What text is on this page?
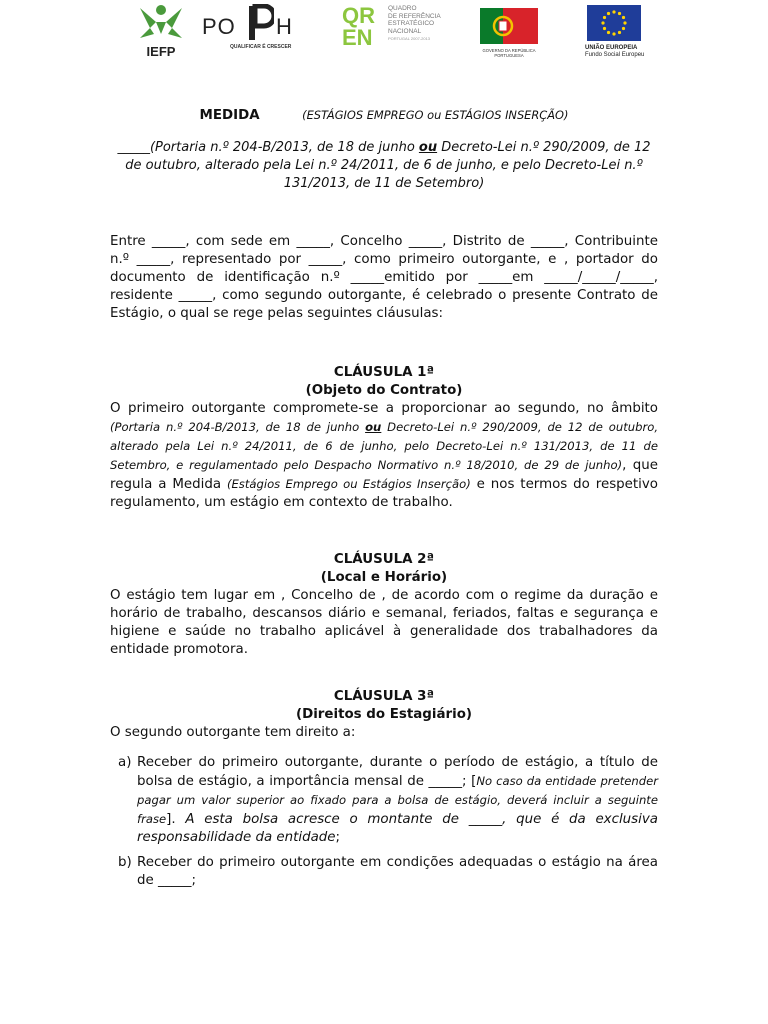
IEFP
PO H
QUALIFICAR É CRESCER
QR
EN
QUADRO
DE REFERÊNCIA
ESTRATÉGICO
NACIONAL
PORTUGAL 2007-2013
GOVERNO DA REPÚBLICA
PORTUGUESA
UNIÃO EUROPEIA
Fundo Social Europeu
MEDIDA	(ESTÁGIOS EMPREGO ou ESTÁGIOS INSERÇÃO)
_____(Portaria n.º 204-B/2013, de 18 de junho ou Decreto-Lei n.º 290/2009, de 12 de outubro, alterado pela Lei n.º 24/2011, de 6 de junho, e pelo Decreto-Lei n.º 131/2013, de 11 de Setembro)
Entre _____, com sede em _____, Concelho _____, Distrito de _____, Contribuinte n.º _____, representado por _____, como primeiro outorgante, e , portador do documento de identificação n.º _____emitido por _____em _____/_____/_____, residente _____, como segundo outorgante, é celebrado o presente Contrato de Estágio, o qual se rege pelas seguintes cláusulas:
CLÁUSULA 1ª
(Objeto do Contrato)
O primeiro outorgante compromete-se a proporcionar ao segundo, no âmbito (Portaria n.º 204-B/2013, de 18 de junho ou Decreto-Lei n.º 290/2009, de 12 de outubro, alterado pela Lei n.º 24/2011, de 6 de junho, pelo Decreto-Lei n.º 131/2013, de 11 de Setembro, e regulamentado pelo Despacho Normativo n.º 18/2010, de 29 de junho), que regula a Medida (Estágios Emprego ou Estágios Inserção) e nos termos do respetivo regulamento, um estágio em contexto de trabalho.
CLÁUSULA 2ª
(Local e Horário)
O estágio tem lugar em , Concelho de , de acordo com o regime da duração e horário de trabalho, descansos diário e semanal, feriados, faltas e segurança e higiene e saúde no trabalho aplicável à generalidade dos trabalhadores da entidade promotora.
CLÁUSULA 3ª
(Direitos do Estagiário)
O segundo outorgante tem direito a:
a) Receber do primeiro outorgante, durante o período de estágio, a título de bolsa de estágio, a importância mensal de _____; [No caso da entidade pretender pagar um valor superior ao fixado para a bolsa de estágio, deverá incluir a seguinte frase]. A esta bolsa acresce o montante de _____, que é da exclusiva responsabilidade da entidade;
b) Receber do primeiro outorgante em condições adequadas o estágio na área de _____;
